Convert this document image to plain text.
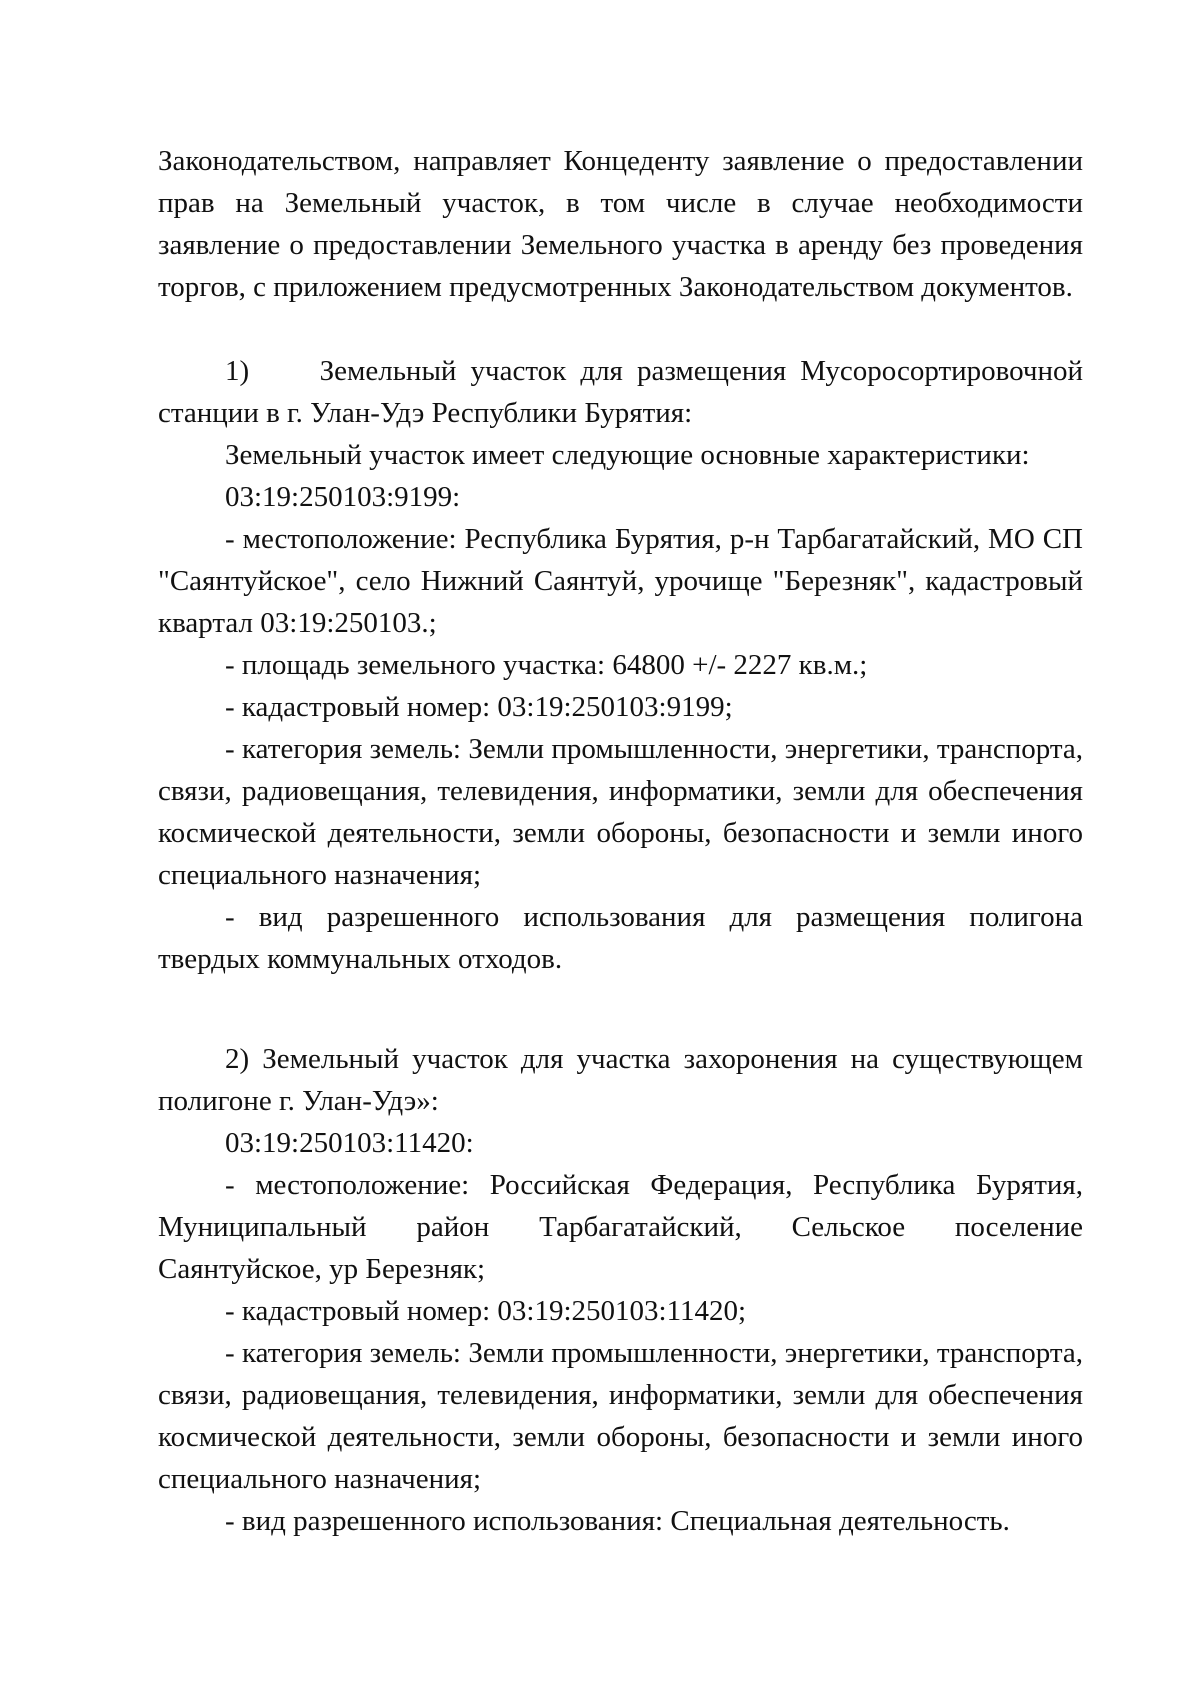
Законодательством, направляет Концеденту заявление о предоставлении прав на Земельный участок, в том числе в случае необходимости заявление о предоставлении Земельного участка в аренду без проведения торгов, с приложением предусмотренных Законодательством документов.

1)     Земельный участок для размещения Мусоросортировочной станции в г. Улан-Удэ Республики Бурятия:

Земельный участок имеет следующие основные характеристики:

03:19:250103:9199:

- местоположение: Республика Бурятия, р-н Тарбагатайский, МО СП "Саянтуйское", село Нижний Саянтуй, урочище "Березняк", кадастровый квартал 03:19:250103.;

- площадь земельного участка: 64800 +/- 2227 кв.м.;

- кадастровый номер: 03:19:250103:9199;

- категория земель: Земли промышленности, энергетики, транспорта, связи, радиовещания, телевидения, информатики, земли для обеспечения космической деятельности, земли обороны, безопасности и земли иного специального назначения;

- вид разрешенного использования для размещения полигона твердых коммунальных отходов.

2) Земельный участок для участка захоронения на существующем полигоне г. Улан-Удэ»:

03:19:250103:11420:

- местоположение: Российская Федерация, Республика Бурятия, Муниципальный район Тарбагатайский, Сельское поселение Саянтуйское, ур Березняк;

- кадастровый номер: 03:19:250103:11420;

- категория земель: Земли промышленности, энергетики, транспорта, связи, радиовещания, телевидения, информатики, земли для обеспечения космической деятельности, земли обороны, безопасности и земли иного специального назначения;

- вид разрешенного использования: Специальная деятельность.
